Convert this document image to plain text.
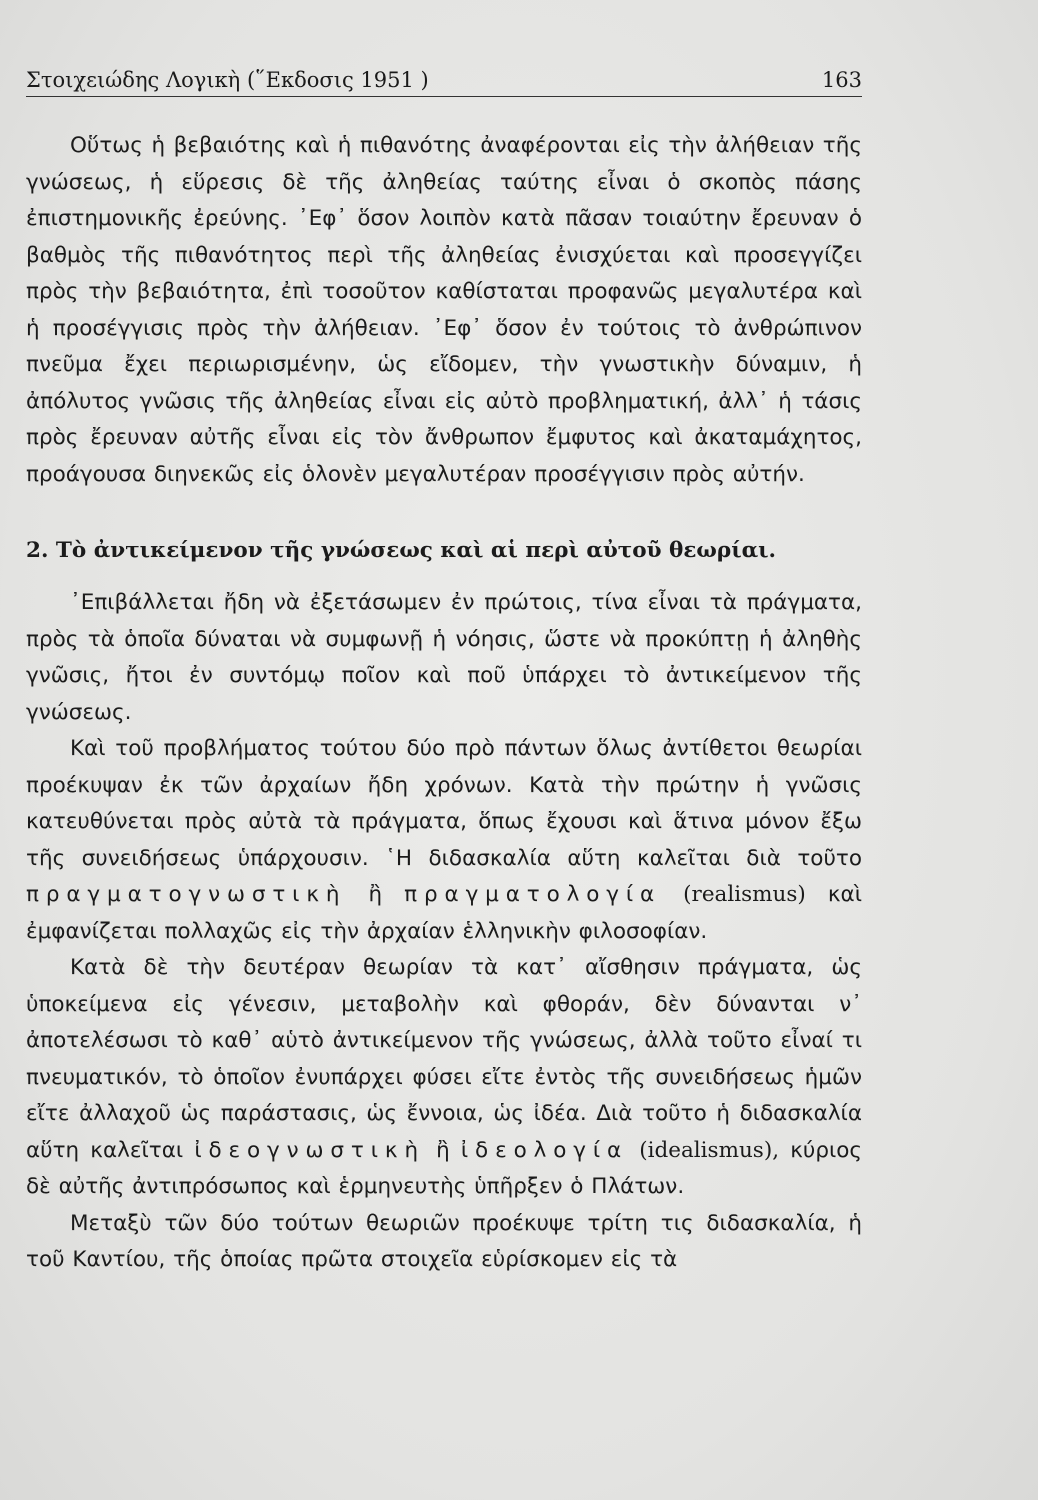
Στοιχειώδης Λογικὴ (῞Εκδοσις 1951 )	163

Οὕτως ἡ βεβαιότης καὶ ἡ πιθανότης ἀναφέρονται εἰς τὴν ἀλήθειαν τῆς γνώσεως, ἡ εὕρεσις δὲ τῆς ἀληθείας ταύτης εἶναι ὁ σκοπὸς πάσης ἐπιστημονικῆς ἐρεύνης. ᾿Εφ᾿ ὅσον λοιπὸν κατὰ πᾶσαν τοιαύτην ἔρευναν ὁ βαθμὸς τῆς πιθανότητος περὶ τῆς ἀληθείας ἐνισχύεται καὶ προσεγγίζει πρὸς τὴν βεβαιότητα, ἐπὶ τοσοῦτον καθίσταται προφανῶς μεγαλυτέρα καὶ ἡ προσέγγισις πρὸς τὴν ἀλήθειαν. ᾿Εφ᾿ ὅσον ἐν τούτοις τὸ ἀνθρώπινον πνεῦμα ἔχει περιωρισμένην, ὡς εἴδομεν, τὴν γνωστικὴν δύναμιν, ἡ ἀπόλυτος γνῶσις τῆς ἀληθείας εἶναι εἰς αὐτὸ προβληματική, ἀλλ᾿ ἡ τάσις πρὸς ἔρευναν αὐτῆς εἶναι εἰς τὸν ἄνθρωπον ἔμφυτος καὶ ἀκαταμάχητος, προάγουσα διηνεκῶς εἰς ὁλονὲν μεγαλυτέραν προσέγγισιν πρὸς αὐτήν.

2. Τὸ ἀντικείμενον τῆς γνώσεως καὶ αἱ περὶ αὐτοῦ θεωρίαι.

᾿Επιβάλλεται ἤδη νὰ ἐξετάσωμεν ἐν πρώτοις, τίνα εἶναι τὰ πράγματα, πρὸς τὰ ὁποῖα δύναται νὰ συμφωνῇ ἡ νόησις, ὥστε νὰ προκύπτῃ ἡ ἀληθὴς γνῶσις, ἤτοι ἐν συντόμῳ ποῖον καὶ ποῦ ὑπάρχει τὸ ἀντικείμενον τῆς γνώσεως.

Καὶ τοῦ προβλήματος τούτου δύο πρὸ πάντων ὅλως ἀντίθετοι θεωρίαι προέκυψαν ἐκ τῶν ἀρχαίων ἤδη χρόνων. Κατὰ τὴν πρώτην ἡ γνῶσις κατευθύνεται πρὸς αὐτὰ τὰ πράγματα, ὅπως ἔχουσι καὶ ἅτινα μόνον ἔξω τῆς συνειδήσεως ὑπάρχουσιν. ῾Η διδασκαλία αὕτη καλεῖται διὰ τοῦτο πραγματογνωστικὴ ἢ πραγματολογία (realismus) καὶ ἐμφανίζεται πολλαχῶς εἰς τὴν ἀρχαίαν ἑλληνικὴν φιλοσοφίαν.

Κατὰ δὲ τὴν δευτέραν θεωρίαν τὰ κατ᾿ αἴσθησιν πράγματα, ὡς ὑποκείμενα εἰς γένεσιν, μεταβολὴν καὶ φθοράν, δὲν δύνανται ν᾿ ἀποτελέσωσι τὸ καθ᾿ αὑτὸ ἀντικείμενον τῆς γνώσεως, ἀλλὰ τοῦτο εἶναί τι πνευματικόν, τὸ ὁποῖον ἐνυπάρχει φύσει εἴτε ἐντὸς τῆς συνειδήσεως ἡμῶν εἴτε ἀλλαχοῦ ὡς παράστασις, ὡς ἔννοια, ὡς ἰδέα. Διὰ τοῦτο ἡ διδασκαλία αὕτη καλεῖται ἰδεογνωστικὴ ἢ ἰδεολογία (idealismus), κύριος δὲ αὐτῆς ἀντιπρόσωπος καὶ ἑρμηνευτὴς ὑπῆρξεν ὁ Πλάτων.

Μεταξὺ τῶν δύο τούτων θεωριῶν προέκυψε τρίτη τις διδασκαλία, ἡ τοῦ Καντίου, τῆς ὁποίας πρῶτα στοιχεῖα εὑρίσκομεν εἰς τὰ
